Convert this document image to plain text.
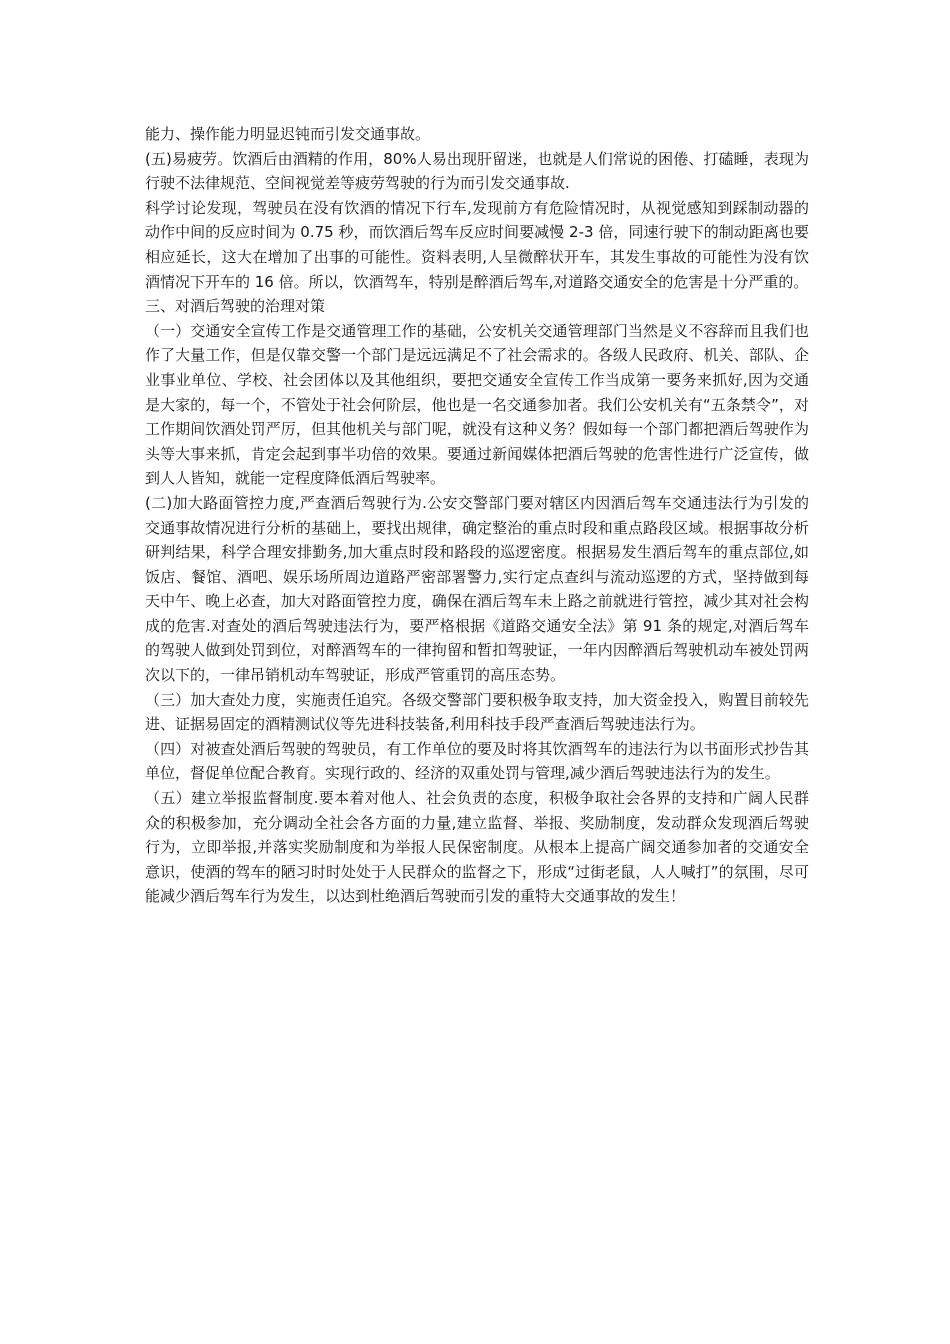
能力、操作能力明显迟钝而引发交通事故。

(五)易疲劳。饮酒后由酒精的作用，80%人易出现肝留迷，也就是人们常说的困倦、打磕睡，表现为行驶不法律规范、空间视觉差等疲劳驾驶的行为而引发交通事故.

科学讨论发现，驾驶员在没有饮酒的情况下行车,发现前方有危险情况时，从视觉感知到踩制动器的动作中间的反应时间为 0.75 秒，而饮酒后驾车反应时间要减慢 2-3 倍，同速行驶下的制动距离也要相应延长，这大在增加了出事的可能性。资料表明,人呈微醉状开车，其发生事故的可能性为没有饮酒情况下开车的 16 倍。所以，饮酒驾车，特别是醉酒后驾车,对道路交通安全的危害是十分严重的。

三、对酒后驾驶的治理对策

（一）交通安全宣传工作是交通管理工作的基础，公安机关交通管理部门当然是义不容辞而且我们也作了大量工作，但是仅靠交警一个部门是远远满足不了社会需求的。各级人民政府、机关、部队、企业事业单位、学校、社会团体以及其他组织，要把交通安全宣传工作当成第一要务来抓好,因为交通是大家的，每一个，不管处于社会何阶层，他也是一名交通参加者。我们公安机关有“五条禁令”，对工作期间饮酒处罚严厉，但其他机关与部门呢，就没有这种义务？假如每一个部门都把酒后驾驶作为头等大事来抓，肯定会起到事半功倍的效果。要通过新闻媒体把酒后驾驶的危害性进行广泛宣传，做到人人皆知，就能一定程度降低酒后驾驶率。

(二)加大路面管控力度,严查酒后驾驶行为.公安交警部门要对辖区内因酒后驾车交通违法行为引发的交通事故情况进行分析的基础上，要找出规律，确定整治的重点时段和重点路段区域。根据事故分析研判结果，科学合理安排勤务,加大重点时段和路段的巡逻密度。根据易发生酒后驾车的重点部位,如饭店、餐馆、酒吧、娱乐场所周边道路严密部署警力,实行定点查纠与流动巡逻的方式，坚持做到每天中午、晚上必查，加大对路面管控力度，确保在酒后驾车未上路之前就进行管控，减少其对社会构成的危害.对查处的酒后驾驶违法行为，要严格根据《道路交通安全法》第 91 条的规定,对酒后驾车的驾驶人做到处罚到位，对醉酒驾车的一律拘留和暂扣驾驶证，一年内因醉酒后驾驶机动车被处罚两次以下的，一律吊销机动车驾驶证，形成严管重罚的高压态势。

（三）加大查处力度，实施责任追究。各级交警部门要积极争取支持，加大资金投入，购置目前较先进、证据易固定的酒精测试仪等先进科技装备,利用科技手段严查酒后驾驶违法行为。

（四）对被查处酒后驾驶的驾驶员，有工作单位的要及时将其饮酒驾车的违法行为以书面形式抄告其单位，督促单位配合教育。实现行政的、经济的双重处罚与管理,减少酒后驾驶违法行为的发生。

（五）建立举报监督制度.要本着对他人、社会负责的态度，积极争取社会各界的支持和广阔人民群众的积极参加，充分调动全社会各方面的力量,建立监督、举报、奖励制度，发动群众发现酒后驾驶行为，立即举报,并落实奖励制度和为举报人民保密制度。从根本上提高广阔交通参加者的交通安全意识，使酒的驾车的陋习时时处处于人民群众的监督之下，形成“过街老鼠，人人喊打”的氛围，尽可能减少酒后驾车行为发生，以达到杜绝酒后驾驶而引发的重特大交通事故的发生！
